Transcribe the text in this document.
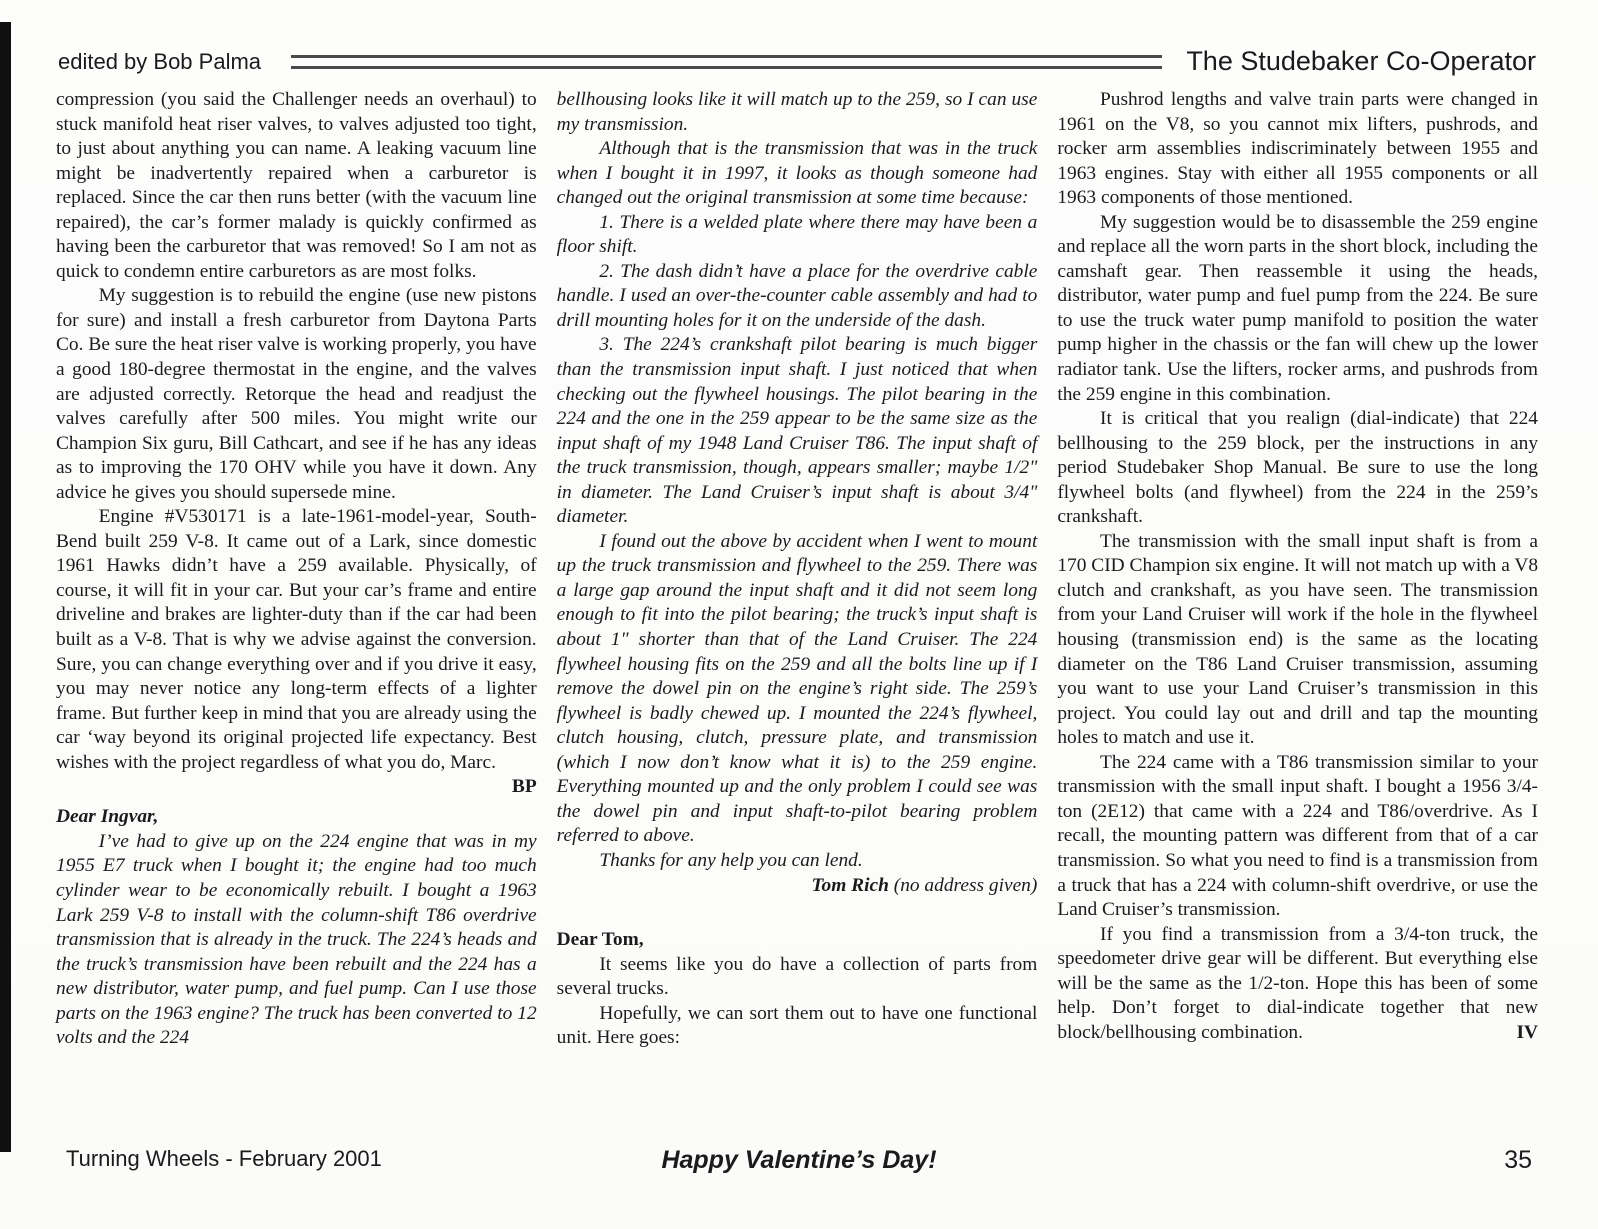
edited by Bob Palma	The Studebaker Co-Operator

compression (you said the Challenger needs an overhaul) to stuck manifold heat riser valves, to valves adjusted too tight, to just about anything you can name. A leaking vacuum line might be inadvertently repaired when a carburetor is replaced. Since the car then runs better (with the vacuum line repaired), the car’s former malady is quickly confirmed as having been the carburetor that was removed! So I am not as quick to condemn entire carburetors as are most folks.

My suggestion is to rebuild the engine (use new pistons for sure) and install a fresh carburetor from Daytona Parts Co. Be sure the heat riser valve is working properly, you have a good 180-degree thermostat in the engine, and the valves are adjusted correctly. Retorque the head and readjust the valves carefully after 500 miles. You might write our Champion Six guru, Bill Cathcart, and see if he has any ideas as to improving the 170 OHV while you have it down. Any advice he gives you should supersede mine.

Engine #V530171 is a late-1961-model-year, South-Bend built 259 V-8. It came out of a Lark, since domestic 1961 Hawks didn’t have a 259 available. Physically, of course, it will fit in your car. But your car’s frame and entire driveline and brakes are lighter-duty than if the car had been built as a V-8. That is why we advise against the conversion. Sure, you can change everything over and if you drive it easy, you may never notice any long-term effects of a lighter frame. But further keep in mind that you are already using the car ‘way beyond its original projected life expectancy. Best wishes with the project regardless of what you do, Marc.
BP

Dear Ingvar,

I’ve had to give up on the 224 engine that was in my 1955 E7 truck when I bought it; the engine had too much cylinder wear to be economically rebuilt. I bought a 1963 Lark 259 V-8 to install with the column-shift T86 overdrive transmission that is already in the truck. The 224’s heads and the truck’s transmission have been rebuilt and the 224 has a new distributor, water pump, and fuel pump. Can I use those parts on the 1963 engine? The truck has been converted to 12 volts and the 224

bellhousing looks like it will match up to the 259, so I can use my transmission.

Although that is the transmission that was in the truck when I bought it in 1997, it looks as though someone had changed out the original transmission at some time because:

1. There is a welded plate where there may have been a floor shift.

2. The dash didn’t have a place for the overdrive cable handle. I used an over-the-counter cable assembly and had to drill mounting holes for it on the underside of the dash.

3. The 224’s crankshaft pilot bearing is much bigger than the transmission input shaft. I just noticed that when checking out the flywheel housings. The pilot bearing in the 224 and the one in the 259 appear to be the same size as the input shaft of my 1948 Land Cruiser T86. The input shaft of the truck transmission, though, appears smaller; maybe 1/2" in diameter. The Land Cruiser’s input shaft is about 3/4" diameter.

I found out the above by accident when I went to mount up the truck transmission and flywheel to the 259. There was a large gap around the input shaft and it did not seem long enough to fit into the pilot bearing; the truck’s input shaft is about 1" shorter than that of the Land Cruiser. The 224 flywheel housing fits on the 259 and all the bolts line up if I remove the dowel pin on the engine’s right side. The 259’s flywheel is badly chewed up. I mounted the 224’s flywheel, clutch housing, clutch, pressure plate, and transmission (which I now don’t know what it is) to the 259 engine. Everything mounted up and the only problem I could see was the dowel pin and input shaft-to-pilot bearing problem referred to above.

Thanks for any help you can lend.

Tom Rich (no address given)

Dear Tom,

It seems like you do have a collection of parts from several trucks.

Hopefully, we can sort them out to have one functional unit. Here goes:

Pushrod lengths and valve train parts were changed in 1961 on the V8, so you cannot mix lifters, pushrods, and rocker arm assemblies indiscriminately between 1955 and 1963 engines. Stay with either all 1955 components or all 1963 components of those mentioned.

My suggestion would be to disassemble the 259 engine and replace all the worn parts in the short block, including the camshaft gear. Then reassemble it using the heads, distributor, water pump and fuel pump from the 224. Be sure to use the truck water pump manifold to position the water pump higher in the chassis or the fan will chew up the lower radiator tank. Use the lifters, rocker arms, and pushrods from the 259 engine in this combination.

It is critical that you realign (dial-indicate) that 224 bellhousing to the 259 block, per the instructions in any period Studebaker Shop Manual. Be sure to use the long flywheel bolts (and flywheel) from the 224 in the 259’s crankshaft.

The transmission with the small input shaft is from a 170 CID Champion six engine. It will not match up with a V8 clutch and crankshaft, as you have seen. The transmission from your Land Cruiser will work if the hole in the flywheel housing (transmission end) is the same as the locating diameter on the T86 Land Cruiser transmission, assuming you want to use your Land Cruiser’s transmission in this project. You could lay out and drill and tap the mounting holes to match and use it.

The 224 came with a T86 transmission similar to your transmission with the small input shaft. I bought a 1956 3/4-ton (2E12) that came with a 224 and T86/overdrive. As I recall, the mounting pattern was different from that of a car transmission. So what you need to find is a transmission from a truck that has a 224 with column-shift overdrive, or use the Land Cruiser’s transmission.

If you find a transmission from a 3/4-ton truck, the speedometer drive gear will be different. But everything else will be the same as the 1/2-ton. Hope this has been of some help. Don’t forget to dial-indicate together that new block/bellhousing combination.	IV

Turning Wheels - February 2001	Happy Valentine’s Day!	35
